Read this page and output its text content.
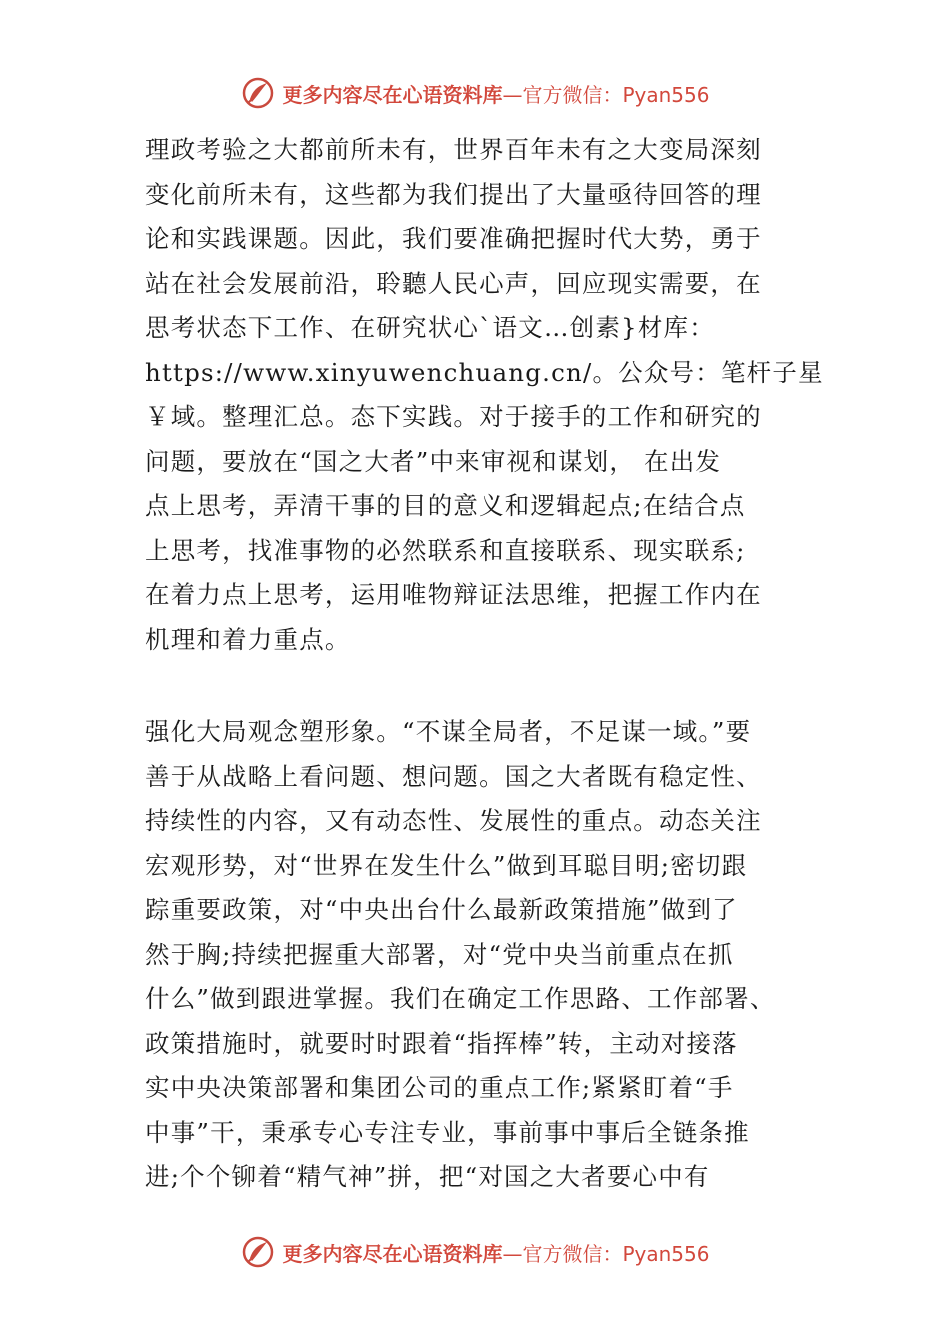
更多内容尽在心语资料库 —官方微信：Pyan556
理政考验之大都前所未有，世界百年未有之大变局深刻
变化前所未有，这些都为我们提出了大量亟待回答的理
论和实践课题。因此，我们要准确把握时代大势，勇于
站在社会发展前沿，聆聽人民心声，回应现实需要，在
思考状态下工作、在研究状心`语文…创素}材库：
https://www.xinyuwenchuang.cn/。公众号：笔杆子星
￥域。整理汇总。态下实践。对于接手的工作和研究的
问题，要放在“国之大者”中来审视和谋划， 在出发
点上思考，弄清干事的目的意义和逻辑起点;在结合点
上思考，找准事物的必然联系和直接联系、现实联系;
在着力点上思考，运用唯物辩证法思维，把握工作内在
机理和着力重点。
强化大局观念塑形象。“不谋全局者，不足谋一域。”要
善于从战略上看问题、想问题。国之大者既有稳定性、
持续性的内容，又有动态性、发展性的重点。动态关注
宏观形势，对“世界在发生什么”做到耳聪目明;密切跟
踪重要政策，对“中央出台什么最新政策措施”做到了
然于胸;持续把握重大部署，对“党中央当前重点在抓
什么”做到跟进掌握。我们在确定工作思路、工作部署、
政策措施时，就要时时跟着“指挥棒”转，主动对接落
实中央决策部署和集团公司的重点工作;紧紧盯着“手
中事”干，秉承专心专注专业，事前事中事后全链条推
进;个个铆着“精气神”拼，把“对国之大者要心中有
更多内容尽在心语资料库 —官方微信：Pyan556
